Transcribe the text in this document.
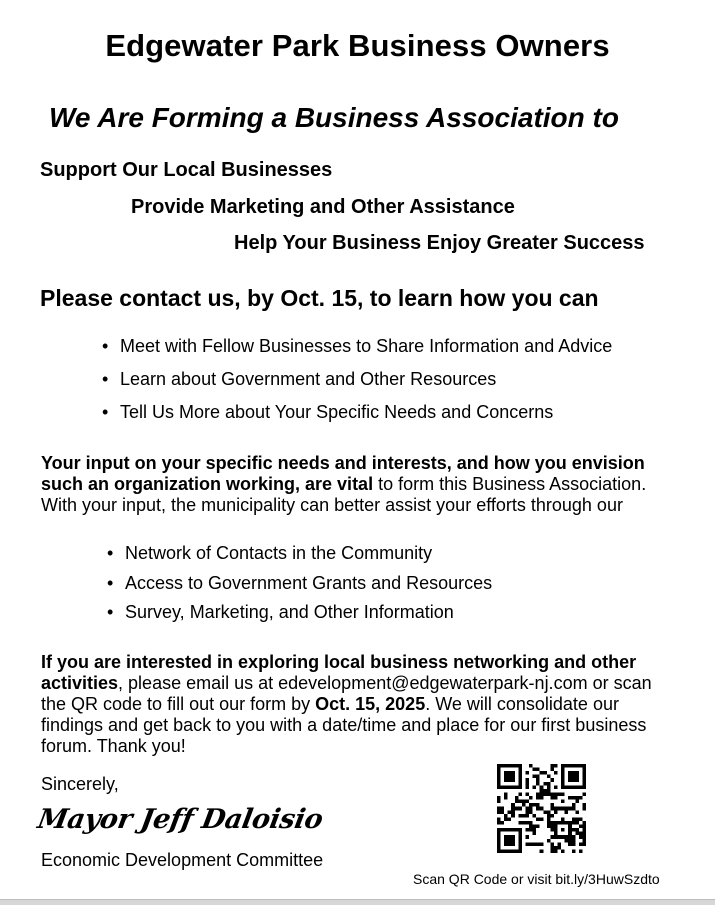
Edgewater Park Business Owners
We Are Forming a Business Association to
Support Our Local Businesses
Provide Marketing and Other Assistance
Help Your Business Enjoy Greater Success
Please contact us, by Oct. 15, to learn how you can
• Meet with Fellow Businesses to Share Information and Advice
• Learn about Government and Other Resources
• Tell Us More about Your Specific Needs and Concerns
Your input on your specific needs and interests, and how you envision such an organization working, are vital to form this Business Association. With your input, the municipality can better assist your efforts through our
• Network of Contacts in the Community
• Access to Government Grants and Resources
• Survey, Marketing, and Other Information
If you are interested in exploring local business networking and other activities, please email us at edevelopment@edgewaterpark-nj.com or scan the QR code to fill out our form by Oct. 15, 2025. We will consolidate our findings and get back to you with a date/time and place for our first business forum. Thank you!
Sincerely,
Mayor Jeff Daloisio
Economic Development Committee
Scan QR Code or visit bit.ly/3HuwSzdto
